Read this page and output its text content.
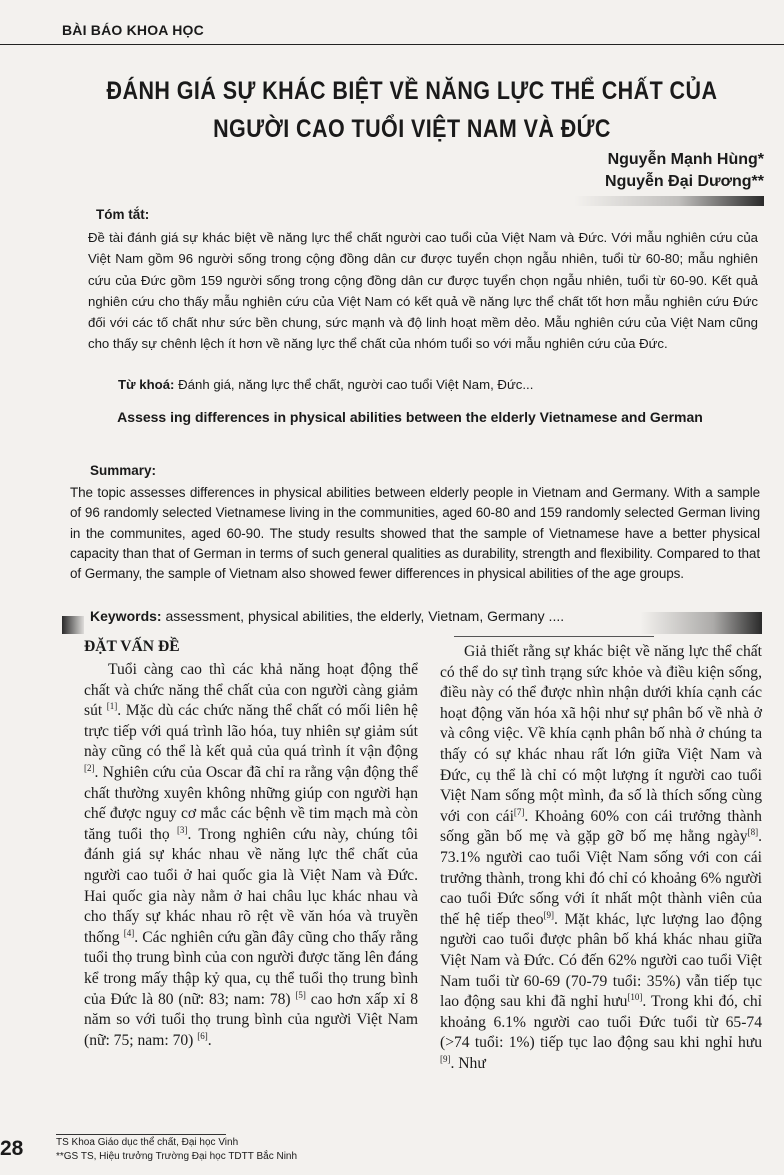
BÀI BÁO KHOA HỌC
ĐÁNH GIÁ SỰ KHÁC BIỆT VỀ NĂNG LỰC THỂ CHẤT CỦA NGƯỜI CAO TUỔI VIỆT NAM VÀ ĐỨC
Nguyễn Mạnh Hùng*
Nguyễn Đại Dương**
Tóm tắt:
Đề tài đánh giá sự khác biệt về năng lực thể chất người cao tuổi của Việt Nam và Đức. Với mẫu nghiên cứu của Việt Nam gồm 96 người sống trong cộng đồng dân cư được tuyển chọn ngẫu nhiên, tuổi từ 60-80; mẫu nghiên cứu của Đức gồm 159 người sống trong cộng đồng dân cư được tuyển chọn ngẫu nhiên, tuổi từ 60-90. Kết quả nghiên cứu cho thấy mẫu nghiên cứu của Việt Nam có kết quả về năng lực thể chất tốt hơn mẫu nghiên cứu Đức đối với các tố chất như sức bền chung, sức mạnh và độ linh hoạt mềm dẻo. Mẫu nghiên cứu của Việt Nam cũng cho thấy sự chênh lệch ít hơn về năng lực thể chất của nhóm tuổi so với mẫu nghiên cứu của Đức.
Từ khoá: Đánh giá, năng lực thể chất, người cao tuổi Việt Nam, Đức...
Assess ing differences in physical abilities between the elderly Vietnamese and German
Summary:
The topic assesses differences in physical abilities between elderly people in Vietnam and Germany. With a sample of 96 randomly selected Vietnamese living in the communities, aged 60-80 and 159 randomly selected German living in the communites, aged 60-90. The study results showed that the sample of Vietnamese have a better physical capacity than that of German in terms of such general qualities as durability, strength and flexibility. Compared to that of Germany, the sample of Vietnam also showed fewer differences in physical abilities of the age groups.
Keywords: assessment, physical abilities, the elderly, Vietnam, Germany ....
ĐẶT VẤN ĐỀ
Tuổi càng cao thì các khả năng hoạt động thể chất và chức năng thể chất của con người càng giảm sút [1]. Mặc dù các chức năng thể chất có mối liên hệ trực tiếp với quá trình lão hóa, tuy nhiên sự giảm sút này cũng có thể là kết quả của quá trình ít vận động [2]. Nghiên cứu của Oscar đã chỉ ra rằng vận động thể chất thường xuyên không những giúp con người hạn chế được nguy cơ mắc các bệnh về tim mạch mà còn tăng tuổi thọ [3]. Trong nghiên cứu này, chúng tôi đánh giá sự khác nhau về năng lực thể chất của người cao tuổi ở hai quốc gia là Việt Nam và Đức. Hai quốc gia này nằm ở hai châu lục khác nhau và cho thấy sự khác nhau rõ rệt về văn hóa và truyền thống [4]. Các nghiên cứu gần đây cũng cho thấy rằng tuổi thọ trung bình của con người được tăng lên đáng kể trong mấy thập kỷ qua, cụ thể tuổi thọ trung bình của Đức là 80 (nữ: 83; nam: 78) [5] cao hơn xấp xỉ 8 năm so với tuổi thọ trung bình của người Việt Nam (nữ: 75; nam: 70) [6].
Giả thiết rằng sự khác biệt về năng lực thể chất có thể do sự tình trạng sức khỏe và điều kiện sống, điều này có thể được nhìn nhận dưới khía cạnh các hoạt động văn hóa xã hội như sự phân bố về nhà ở và công việc. Về khía cạnh phân bố nhà ở chúng ta thấy có sự khác nhau rất lớn giữa Việt Nam và Đức, cụ thể là chỉ có một lượng ít người cao tuổi Việt Nam sống một mình, đa số là thích sống cùng với con cái[7]. Khoảng 60% con cái trưởng thành sống gần bố mẹ và gặp gỡ bố mẹ hằng ngày[8]. 73.1% người cao tuổi Việt Nam sống với con cái trưởng thành, trong khi đó chỉ có khoảng 6% người cao tuổi Đức sống với ít nhất một thành viên của thế hệ tiếp theo[9]. Mặt khác, lực lượng lao động người cao tuổi được phân bố khá khác nhau giữa Việt Nam và Đức. Có đến 62% người cao tuổi Việt Nam tuổi từ 60-69 (70-79 tuổi: 35%) vẫn tiếp tục lao động sau khi đã nghỉ hưu[10]. Trong khi đó, chỉ khoảng 6.1% người cao tuổi Đức tuổi từ 65-74 (>74 tuổi: 1%) tiếp tục lao động sau khi nghỉ hưu [9]. Như
TS Khoa Giáo dục thể chất, Đại học Vinh
**GS TS, Hiệu trưởng Trường Đại học TDTT Bắc Ninh
28
